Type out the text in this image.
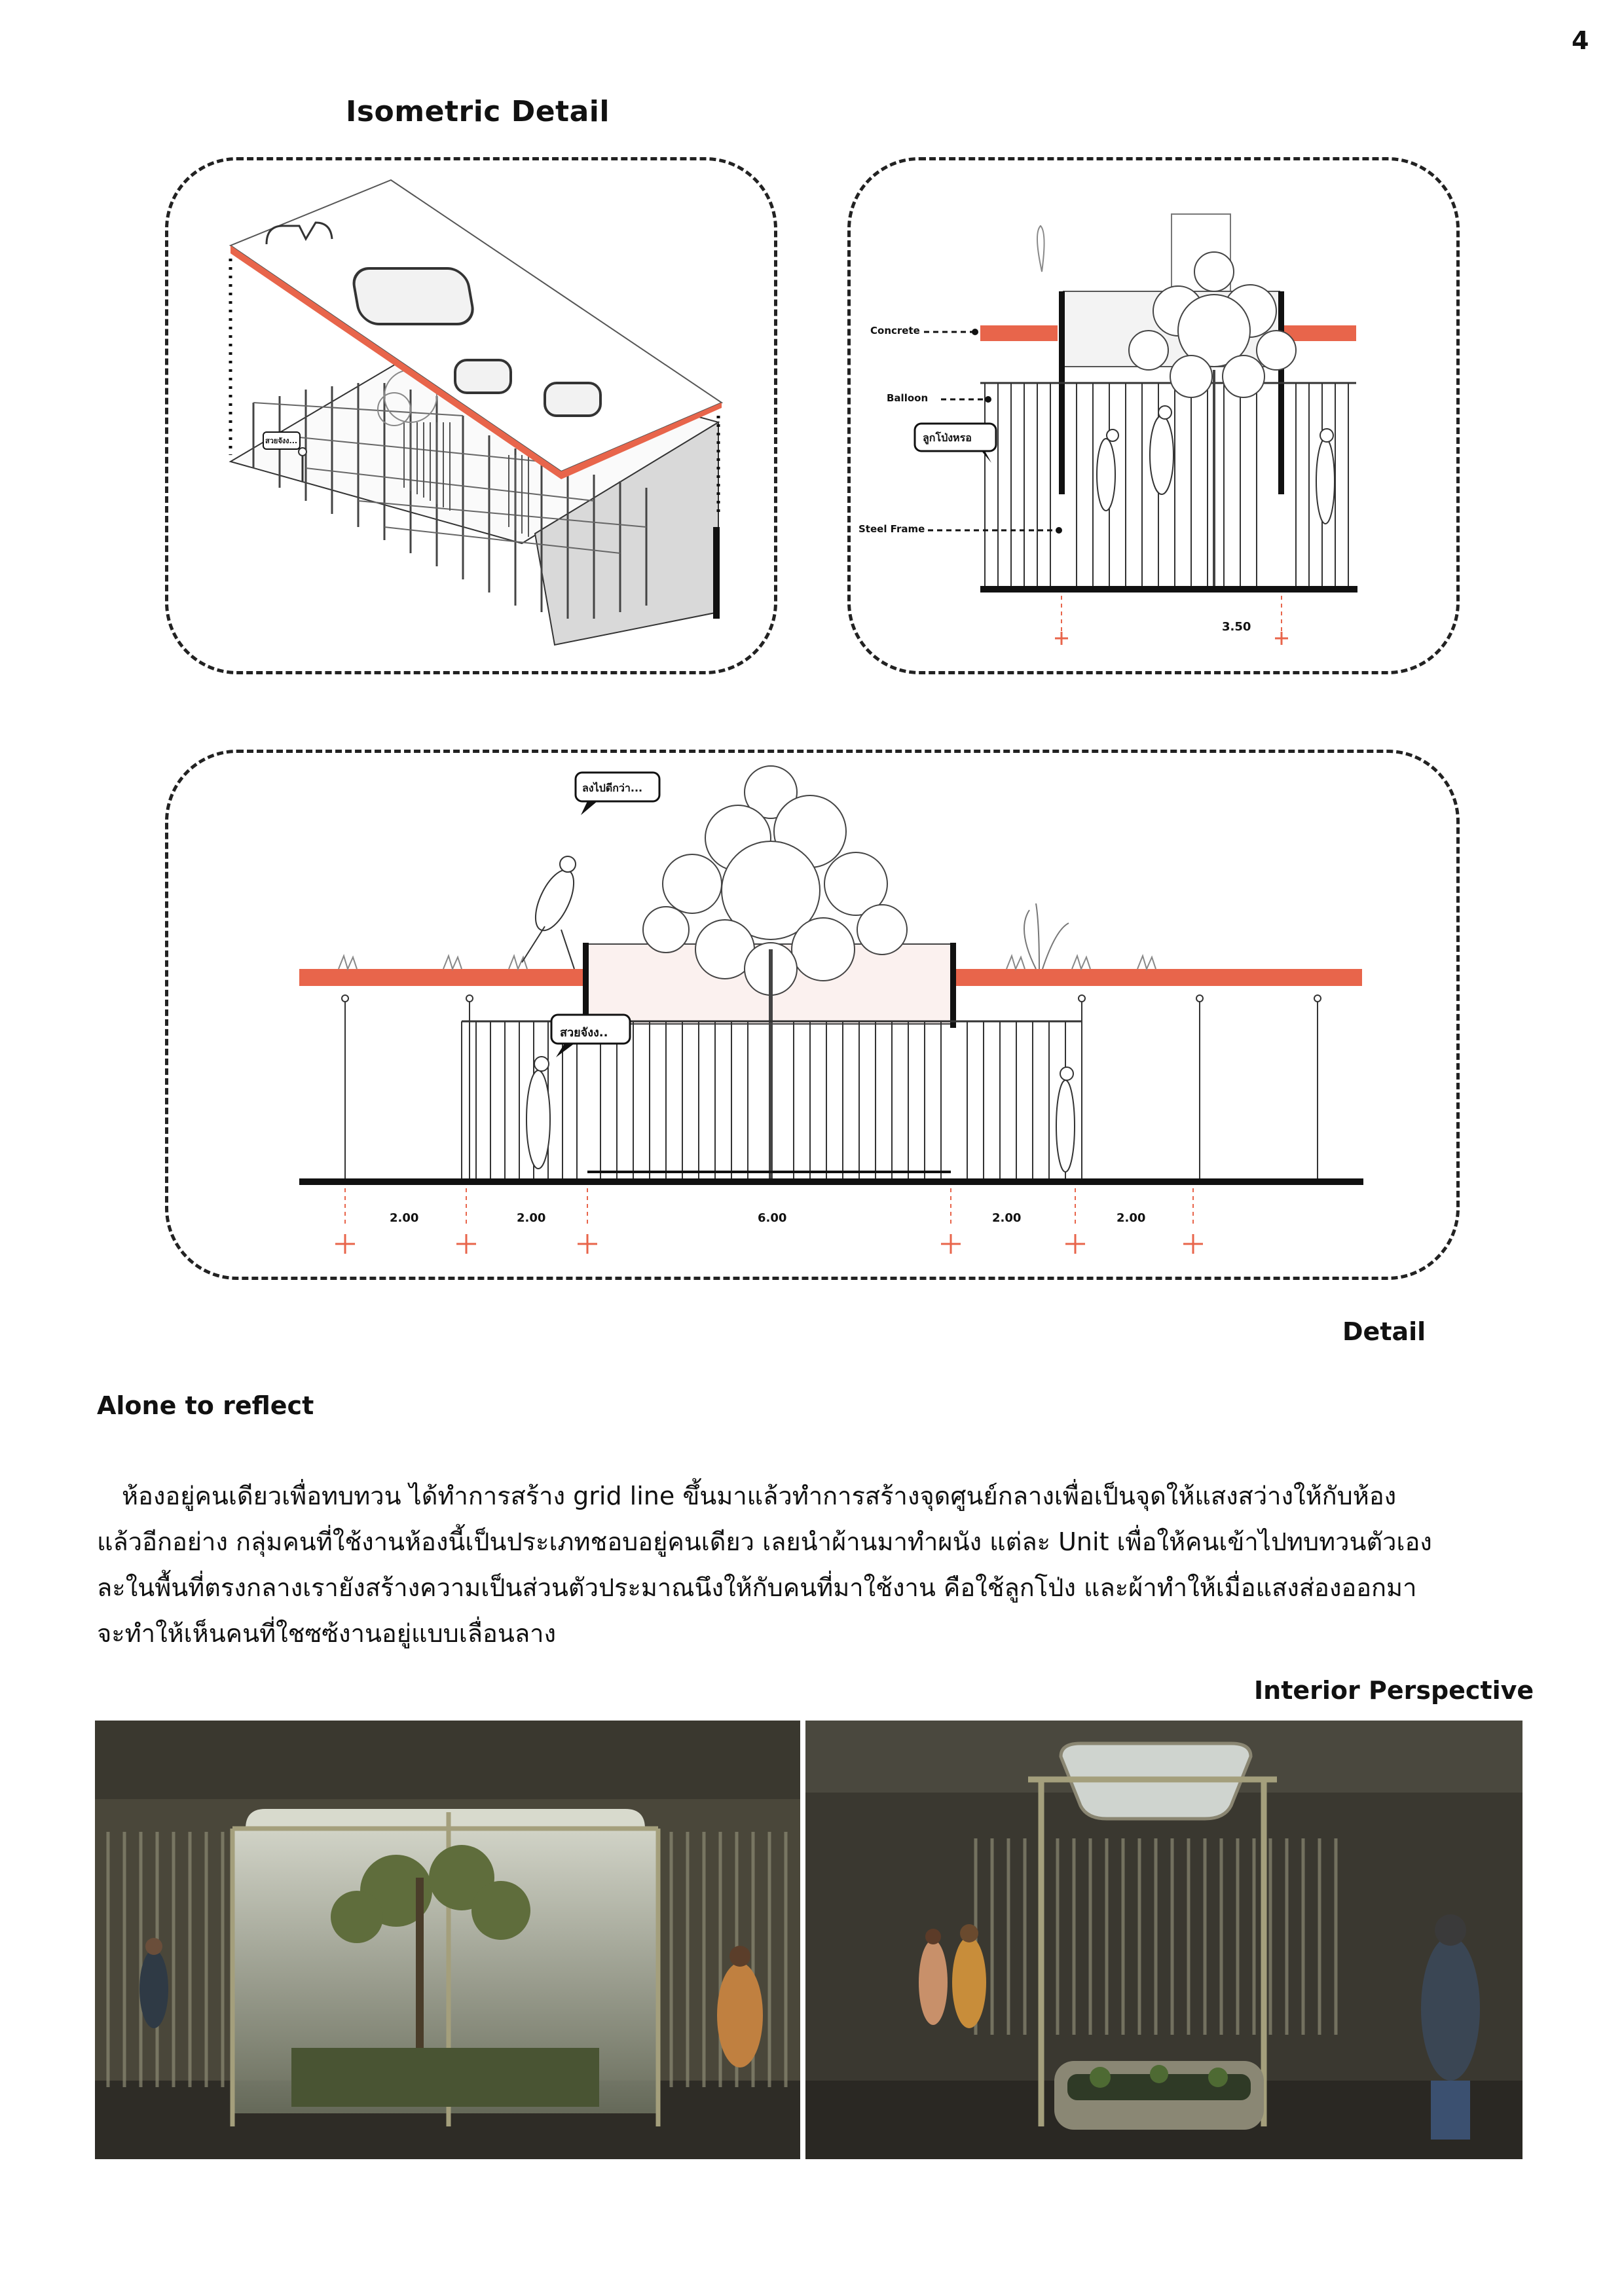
4
Isometric Detail
สวยจังง...
Concrete
Balloon
Steel Frame
ลูกโป่งหรอ
3.50
ลงไปดีกว่า...
สวยจังง..
2.00	2.00	6.00	2.00	2.00
Detail
Alone to reflect

ห้องอยู่คนเดียวเพื่อทบทวน ได้ทำการสร้าง grid line ขึ้นมาแล้วทำการสร้างจุดศูนย์กลางเพื่อเป็นจุดให้แสงสว่างให้กับห้อง

แล้วอีกอย่าง กลุ่มคนที่ใช้งานห้องนี้เป็นประเภทชอบอยู่คนเดียว เลยนำผ้านมาทำผนัง แต่ละ Unit เพื่อให้คนเข้าไปทบทวนตัวเอง

ละในพื้นที่ตรงกลางเรายังสร้างความเป็นส่วนตัวประมาณนึงให้กับคนที่มาใช้งาน คือใช้ลูกโป่ง และผ้าทำให้เมื่อแสงส่องออกมา

จะทำให้เห็นคนที่ใชซซ้งานอยู่แบบเลื่อนลาง

Interior Perspective
